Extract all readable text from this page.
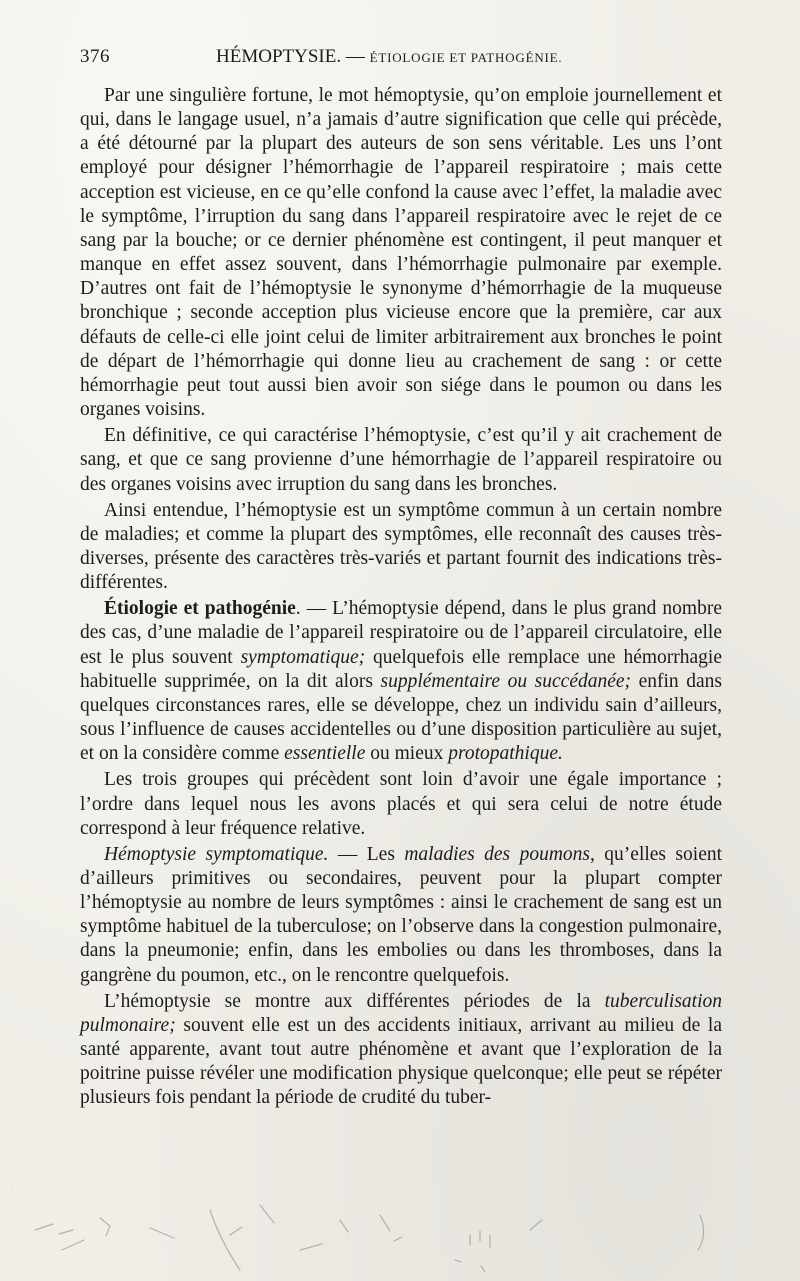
376	HÉMOPTYSIE. — ÉTIOLOGIE ET PATHOGÉNIE.

Par une singulière fortune, le mot hémoptysie, qu’on emploie journellement et qui, dans le langage usuel, n’a jamais d’autre signification que celle qui précède, a été détourné par la plupart des auteurs de son sens véritable. Les uns l’ont employé pour désigner l’hémorrhagie de l’appareil respiratoire ; mais cette acception est vicieuse, en ce qu’elle confond la cause avec l’effet, la maladie avec le symptôme, l’irruption du sang dans l’appareil respiratoire avec le rejet de ce sang par la bouche; or ce dernier phénomène est contingent, il peut manquer et manque en effet assez souvent, dans l’hémorrhagie pulmonaire par exemple. D’autres ont fait de l’hémoptysie le synonyme d’hémorrhagie de la muqueuse bronchique ; seconde acception plus vicieuse encore que la première, car aux défauts de celle-ci elle joint celui de limiter arbitrairement aux bronches le point de départ de l’hémorrhagie qui donne lieu au crachement de sang : or cette hémorrhagie peut tout aussi bien avoir son siége dans le poumon ou dans les organes voisins.

En définitive, ce qui caractérise l’hémoptysie, c’est qu’il y ait crachement de sang, et que ce sang provienne d’une hémorrhagie de l’appareil respiratoire ou des organes voisins avec irruption du sang dans les bronches.

Ainsi entendue, l’hémoptysie est un symptôme commun à un certain nombre de maladies; et comme la plupart des symptômes, elle reconnaît des causes très-diverses, présente des caractères très-variés et partant fournit des indications très-différentes.

Étiologie et pathogénie. — L’hémoptysie dépend, dans le plus grand nombre des cas, d’une maladie de l’appareil respiratoire ou de l’appareil circulatoire, elle est le plus souvent symptomatique; quelquefois elle remplace une hémorrhagie habituelle supprimée, on la dit alors supplémentaire ou succédanée; enfin dans quelques circonstances rares, elle se développe, chez un individu sain d’ailleurs, sous l’influence de causes accidentelles ou d’une disposition particulière au sujet, et on la considère comme essentielle ou mieux protopathique.

Les trois groupes qui précèdent sont loin d’avoir une égale importance ; l’ordre dans lequel nous les avons placés et qui sera celui de notre étude correspond à leur fréquence relative.

Hémoptysie symptomatique. — Les maladies des poumons, qu’elles soient d’ailleurs primitives ou secondaires, peuvent pour la plupart compter l’hémoptysie au nombre de leurs symptômes : ainsi le crachement de sang est un symptôme habituel de la tuberculose; on l’observe dans la congestion pulmonaire, dans la pneumonie; enfin, dans les embolies ou dans les thromboses, dans la gangrène du poumon, etc., on le rencontre quelquefois.

L’hémoptysie se montre aux différentes périodes de la tuberculisation pulmonaire; souvent elle est un des accidents initiaux, arrivant au milieu de la santé apparente, avant tout autre phénomène et avant que l’exploration de la poitrine puisse révéler une modification physique quelconque; elle peut se répéter plusieurs fois pendant la période de crudité du tuber-
